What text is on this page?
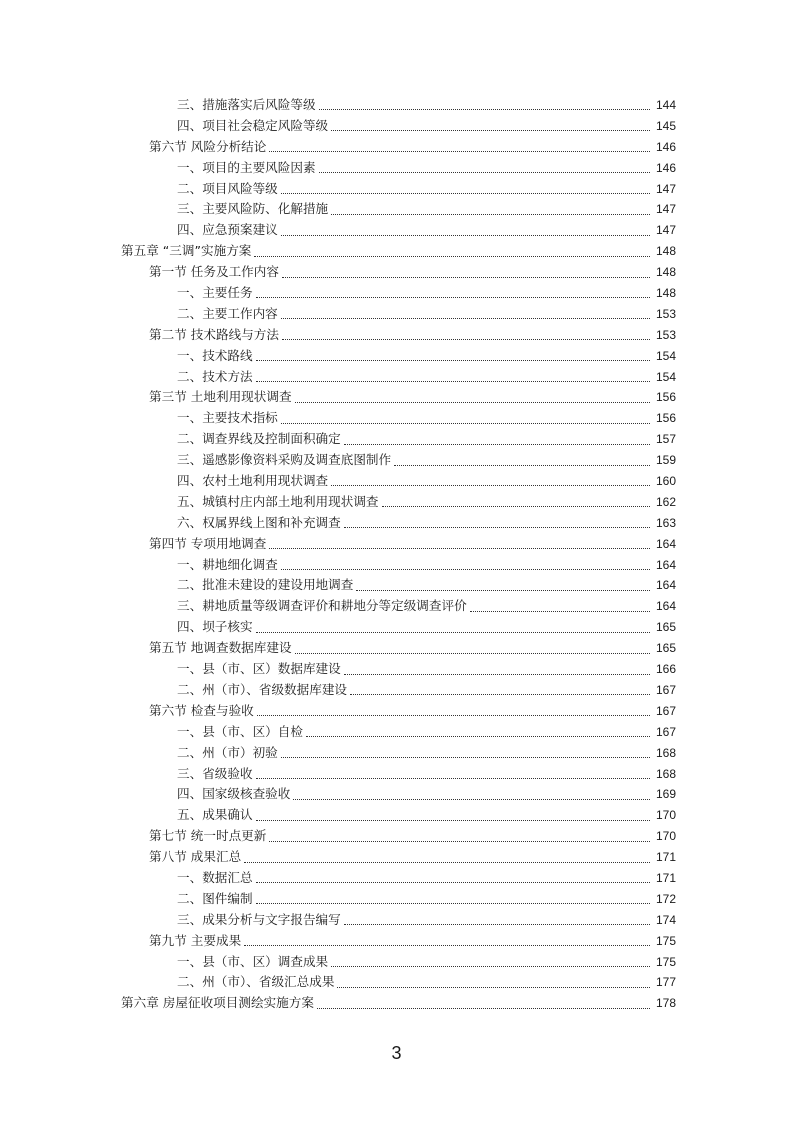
三、措施落实后风险等级	144
四、项目社会稳定风险等级	145
第六节 风险分析结论	146
一、项目的主要风险因素	146
二、项目风险等级	147
三、主要风险防、化解措施	147
四、应急预案建议	147
第五章 “三调”实施方案	148
第一节 任务及工作内容	148
一、主要任务	148
二、主要工作内容	153
第二节 技术路线与方法	153
一、技术路线	154
二、技术方法	154
第三节 土地利用现状调查	156
一、主要技术指标	156
二、调查界线及控制面积确定	157
三、遥感影像资料采购及调查底图制作	159
四、农村土地利用现状调查	160
五、城镇村庄内部土地利用现状调查	162
六、权属界线上图和补充调查	163
第四节 专项用地调查	164
一、耕地细化调查	164
二、批准未建设的建设用地调查	164
三、耕地质量等级调查评价和耕地分等定级调查评价	164
四、坝子核实	165
第五节 地调查数据库建设	165
一、县（市、区）数据库建设	166
二、州（市）、省级数据库建设	167
第六节 检查与验收	167
一、县（市、区）自检	167
二、州（市）初验	168
三、省级验收	168
四、国家级核查验收	169
五、成果确认	170
第七节 统一时点更新	170
第八节 成果汇总	171
一、数据汇总	171
二、图件编制	172
三、成果分析与文字报告编写	174
第九节 主要成果	175
一、县（市、区）调查成果	175
二、州（市）、省级汇总成果	177
第六章 房屋征收项目测绘实施方案	178
3
